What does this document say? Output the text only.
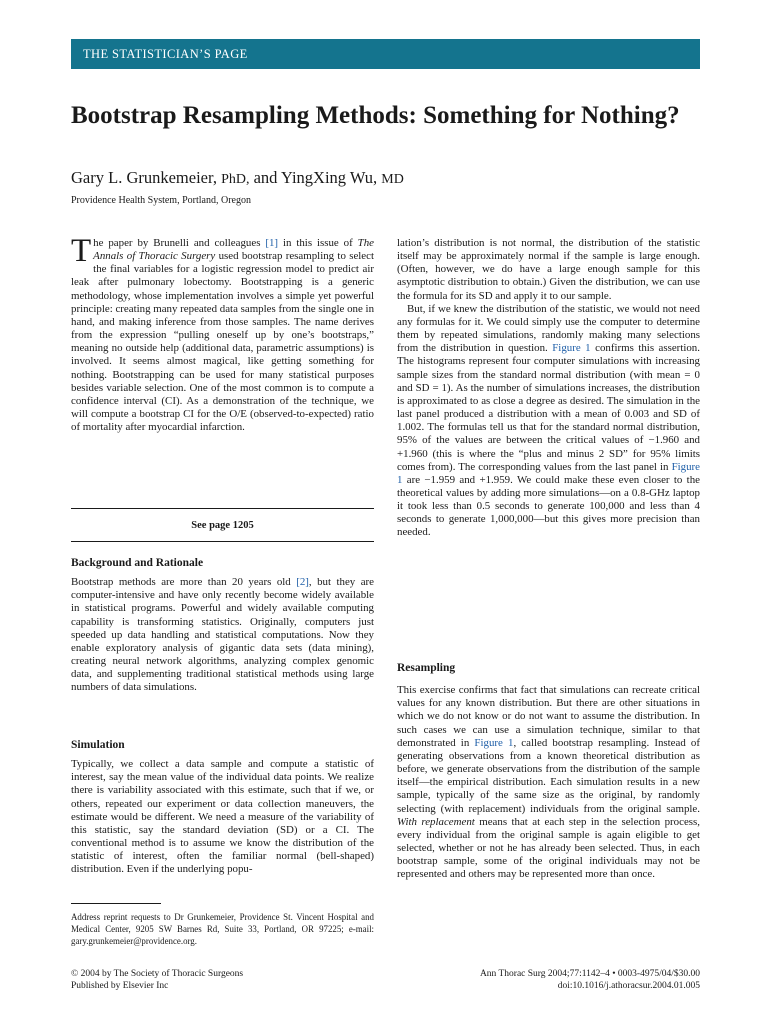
THE STATISTICIAN’S PAGE
Bootstrap Resampling Methods: Something for Nothing?
Gary L. Grunkemeier, PhD, and YingXing Wu, MD
Providence Health System, Portland, Oregon

The paper by Brunelli and colleagues [1] in this issue of The Annals of Thoracic Surgery used bootstrap resampling to select the final variables for a logistic regression model to predict air leak after pulmonary lobectomy. Bootstrapping is a generic methodology, whose implementation involves a simple yet powerful principle: creating many repeated data samples from the single one in hand, and making inference from those samples. The name derives from the expression “pulling oneself up by one’s bootstraps,” meaning no outside help (additional data, parametric assumptions) is involved. It seems almost magical, like getting something for nothing. Bootstrapping can be used for many statistical purposes besides variable selection. One of the most common is to compute a confidence interval (CI). As a demonstration of the technique, we will compute a bootstrap CI for the O/E (observed-to-expected) ratio of mortality after myocardial infarction.

See page 1205

Background and Rationale

Bootstrap methods are more than 20 years old [2], but they are computer-intensive and have only recently become widely available in statistical programs. Powerful and widely available computing capability is transforming statistics. Originally, computers just speeded up data handling and statistical computations. Now they enable exploratory analysis of gigantic data sets (data mining), creating neural network algorithms, analyzing complex genomic data, and supplementing traditional statistical methods using large numbers of data simulations.

Simulation

Typically, we collect a data sample and compute a statistic of interest, say the mean value of the individual data points. We realize there is variability associated with this estimate, such that if we, or others, repeated our experiment or data collection maneuvers, the estimate would be different. We need a measure of the variability of this statistic, say the standard deviation (SD) or a CI. The conventional method is to assume we know the distribution of the statistic of interest, often the familiar normal (bell-shaped) distribution. Even if the underlying popu-

Address reprint requests to Dr Grunkemeier, Providence St. Vincent Hospital and Medical Center, 9205 SW Barnes Rd, Suite 33, Portland, OR 97225; e-mail: gary.grunkemeier@providence.org.

lation’s distribution is not normal, the distribution of the statistic itself may be approximately normal if the sample is large enough. (Often, however, we do have a large enough sample for this asymptotic distribution to obtain.) Given the distribution, we can use the formula for its SD and apply it to our sample.

But, if we knew the distribution of the statistic, we would not need any formulas for it. We could simply use the computer to determine them by repeated simulations, randomly making many selections from the distribution in question. Figure 1 confirms this assertion. The histograms represent four computer simulations with increasing sample sizes from the standard normal distribution (with mean = 0 and SD = 1). As the number of simulations increases, the distribution is approximated to as close a degree as desired. The simulation in the last panel produced a distribution with a mean of 0.003 and SD of 1.002. The formulas tell us that for the standard normal distribution, 95% of the values are between the critical values of −1.960 and +1.960 (this is where the “plus and minus 2 SD” for 95% limits comes from). The corresponding values from the last panel in Figure 1 are −1.959 and +1.959. We could make these even closer to the theoretical values by adding more simulations—on a 0.8-GHz laptop it took less than 0.5 seconds to generate 100,000 and less than 4 seconds to generate 1,000,000—but this gives more precision than needed.

Resampling

This exercise confirms that fact that simulations can recreate critical values for any known distribution. But there are other situations in which we do not know or do not want to assume the distribution. In such cases we can use a simulation technique, similar to that demonstrated in Figure 1, called bootstrap resampling. Instead of generating observations from a known theoretical distribution as before, we generate observations from the distribution of the sample itself—the empirical distribution. Each simulation results in a new sample, typically of the same size as the original, by randomly selecting (with replacement) individuals from the original sample. With replacement means that at each step in the selection process, every individual from the original sample is again eligible to get selected, whether or not he has already been selected. Thus, in each bootstrap sample, some of the original individuals may not be represented and others may be represented more than once.

© 2004 by The Society of Thoracic Surgeons
Published by Elsevier Inc
Ann Thorac Surg 2004;77:1142–4 • 0003-4975/04/$30.00
doi:10.1016/j.athoracsur.2004.01.005
